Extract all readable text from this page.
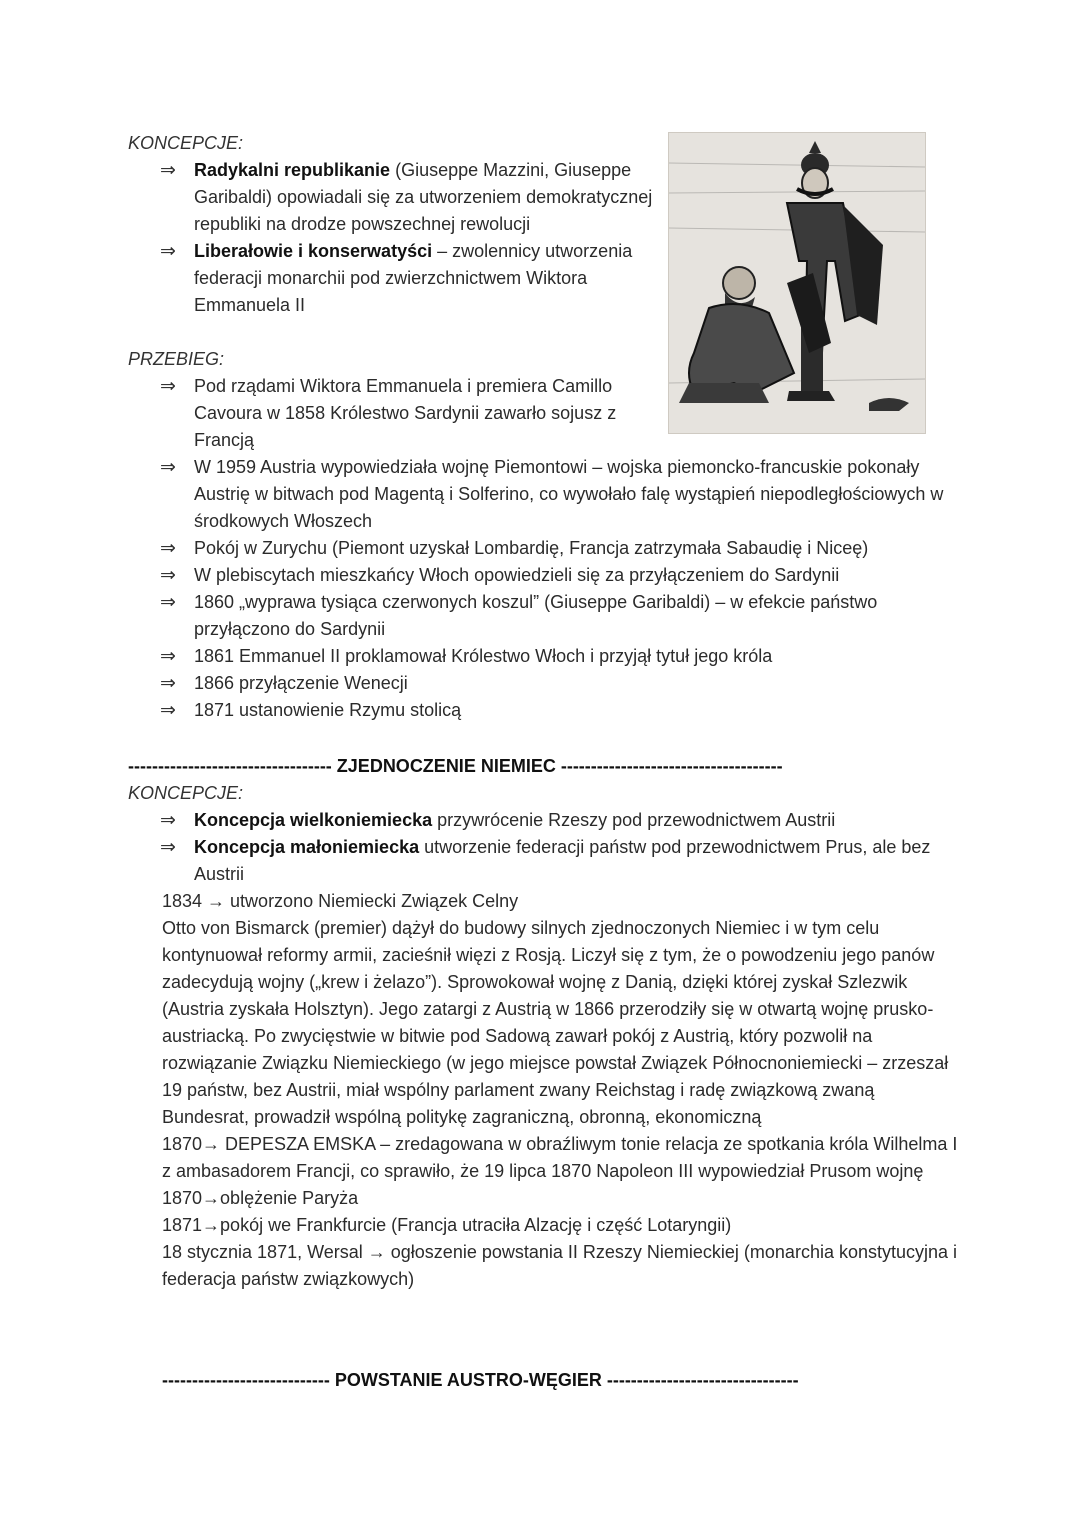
KONCEPCJE:
⇒ Radykalni republikanie (Giuseppe Mazzini, Giuseppe Garibaldi) opowiadali się za utworzeniem demokratycznej republiki na drodze powszechnej rewolucji
⇒ Liberałowie i konserwatyści – zwolennicy utworzenia federacji monarchii pod zwierzchnictwem Wiktora Emmanuela II
PRZEBIEG:
⇒ Pod rządami Wiktora Emmanuela i premiera Camillo Cavoura w 1858 Królestwo Sardynii zawarło sojusz z Francją
⇒ W 1959 Austria wypowiedziała wojnę Piemontowi – wojska piemoncko-francuskie pokonały Austrię w bitwach pod Magentą i Solferino, co wywołało falę wystąpień niepodległościowych w środkowych Włoszech
⇒ Pokój w Zurychu (Piemont uzyskał Lombardię, Francja zatrzymała Sabaudię i Niceę)
⇒ W plebiscytach mieszkańcy Włoch opowiedzieli się za przyłączeniem do Sardynii
⇒ 1860 „wyprawa tysiąca czerwonych koszul” (Giuseppe Garibaldi) – w efekcie państwo przyłączono do Sardynii
⇒ 1861 Emmanuel II proklamował Królestwo Włoch i przyjął tytuł jego króla
⇒ 1866 przyłączenie Wenecji
⇒ 1871 ustanowienie Rzymu stolicą
---------------------------------- ZJEDNOCZENIE NIEMIEC -------------------------------------
KONCEPCJE:
⇒ Koncepcja wielkoniemiecka przywrócenie Rzeszy pod przewodnictwem Austrii
⇒ Koncepcja małoniemiecka utworzenie federacji państw pod przewodnictwem Prus, ale bez Austrii

1834 → utworzono Niemiecki Związek Celny

Otto von Bismarck (premier) dążył do budowy silnych zjednoczonych Niemiec i w tym celu kontynuował reformy armii, zacieśnił więzi z Rosją. Liczył się z tym, że o powodzeniu jego panów zadecydują wojny („krew i żelazo”). Sprowokował wojnę z Danią, dzięki której zyskał Szlezwik (Austria zyskała Holsztyn). Jego zatargi z Austrią w 1866 przerodziły się w otwartą wojnę prusko-austriacką. Po zwycięstwie w bitwie pod Sadową zawarł pokój z Austrią, który pozwolił na rozwiązanie Związku Niemieckiego (w jego miejsce powstał Związek Północnoniemiecki – zrzeszał 19 państw, bez Austrii, miał wspólny parlament zwany Reichstag i radę związkową zwaną Bundesrat, prowadził wspólną politykę zagraniczną, obronną, ekonomiczną

1870→ DEPESZA EMSKA – zredagowana w obraźliwym tonie relacja ze spotkania króla Wilhelma I z ambasadorem Francji, co sprawiło, że 19 lipca 1870 Napoleon III wypowiedział Prusom wojnę

1870→oblężenie Paryża

1871→pokój we Frankfurcie (Francja utraciła Alzację i część Lotaryngii)

18 stycznia 1871, Wersal → ogłoszenie powstania II Rzeszy Niemieckiej (monarchia konstytucyjna i federacja państw związkowych)

---------------------------- POWSTANIE AUSTRO-WĘGIER --------------------------------
